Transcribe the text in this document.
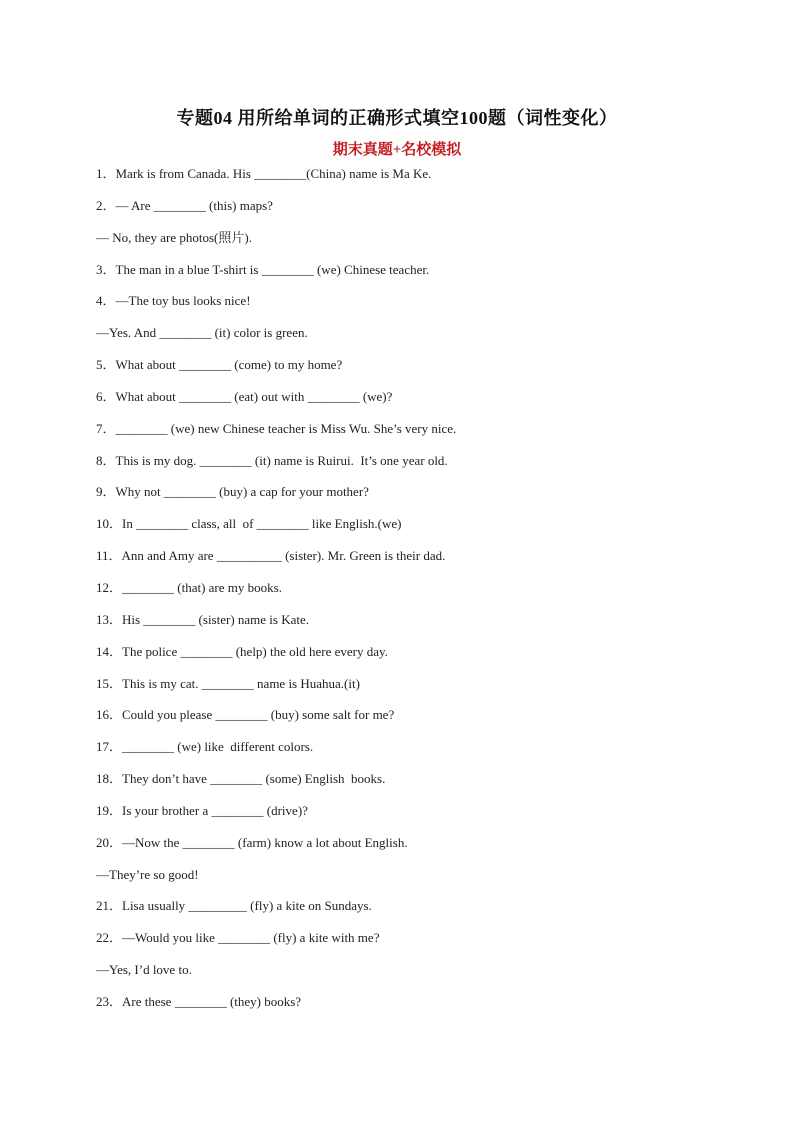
专题04 用所给单词的正确形式填空100题（词性变化）
期末真题+名校模拟
1．Mark is from Canada. His ________(China) name is Ma Ke.
2．— Are ________ (this) maps?
— No, they are photos(照片).
3．The man in a blue T-shirt is ________ (we) Chinese teacher.
4．—The toy bus looks nice!
—Yes. And ________ (it) color is green.
5．What about ________ (come) to my home?
6．What about ________ (eat) out with ________ (we)?
7．________ (we) new Chinese teacher is Miss Wu. She’s very nice.
8．This is my dog. ________ (it) name is Ruirui.  It’s one year old.
9．Why not ________ (buy) a cap for your mother?
10．In ________ class, all  of ________ like English.(we)
11．Ann and Amy are __________ (sister). Mr. Green is their dad.
12．________ (that) are my books.
13．His ________ (sister) name is Kate.
14．The police ________ (help) the old here every day.
15．This is my cat. ________ name is Huahua.(it)
16．Could you please ________ (buy) some salt for me?
17．________ (we) like  different colors.
18．They don’t have ________ (some) English  books.
19．Is your brother a ________ (drive)?
20．—Now the ________ (farm) know a lot about English.
—They’re so good!
21．Lisa usually _________ (fly) a kite on Sundays.
22．—Would you like ________ (fly) a kite with me?
—Yes, I’d love to.
23．Are these ________ (they) books?
